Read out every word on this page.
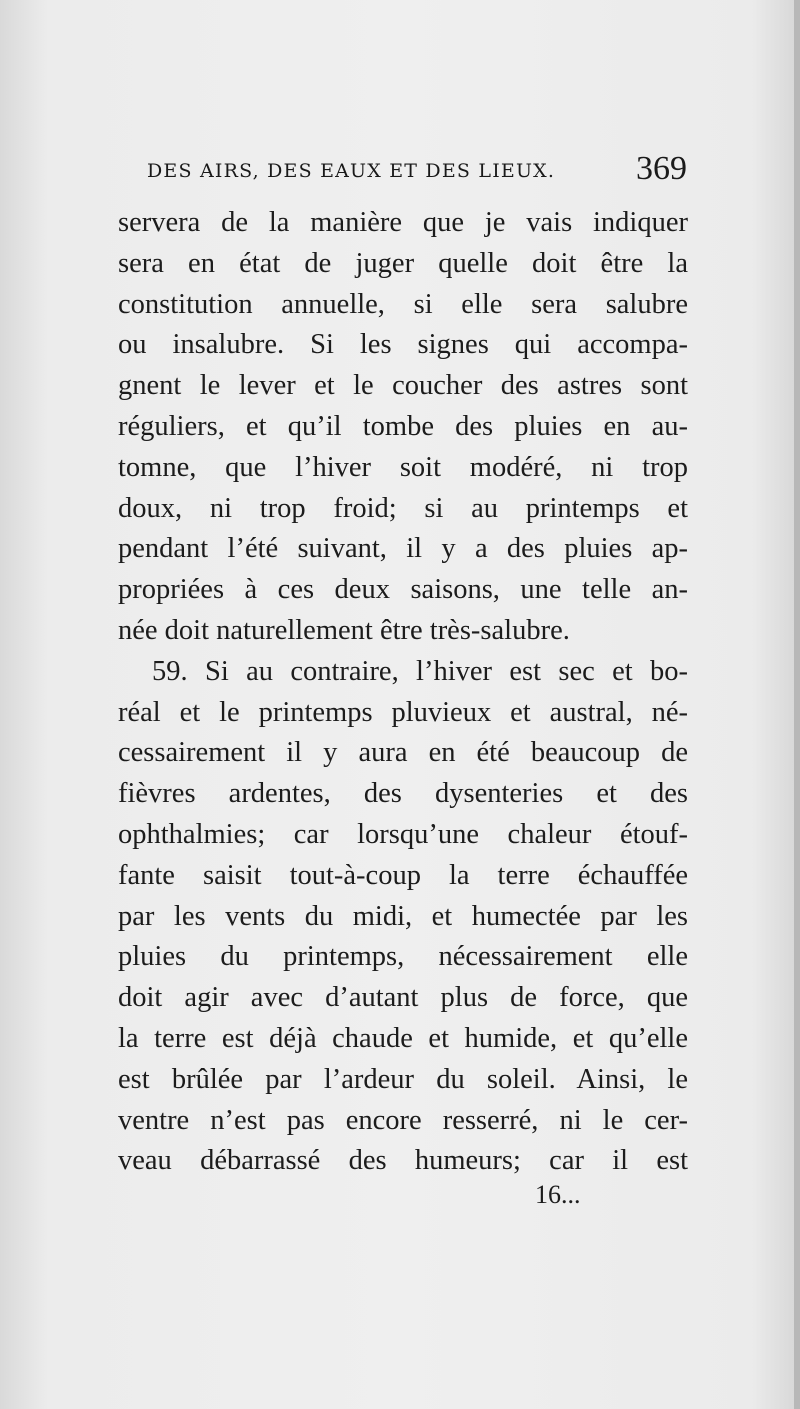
DES AIRS, DES EAUX ET DES LIEUX. 369
servera de la manière que je vais indiquer
sera en état de juger quelle doit être la
constitution annuelle, si elle sera salubre
ou insalubre. Si les signes qui accompa-
gnent le lever et le coucher des astres sont
réguliers, et qu’il tombe des pluies en au-
tomne, que l’hiver soit modéré, ni trop
doux, ni trop froid; si au printemps et
pendant l’été suivant, il y a des pluies ap-
propriées à ces deux saisons, une telle an-
née doit naturellement être très-salubre.
59. Si au contraire, l’hiver est sec et bo-
réal et le printemps pluvieux et austral, né-
cessairement il y aura en été beaucoup de
fièvres ardentes, des dysenteries et des
ophthalmies; car lorsqu’une chaleur étouf-
fante saisit tout-à-coup la terre échauffée
par les vents du midi, et humectée par les
pluies du printemps, nécessairement elle
doit agir avec d’autant plus de force, que
la terre est déjà chaude et humide, et qu’elle
est brûlée par l’ardeur du soleil. Ainsi, le
ventre n’est pas encore resserré, ni le cer-
veau débarrassé des humeurs; car il est
16...
